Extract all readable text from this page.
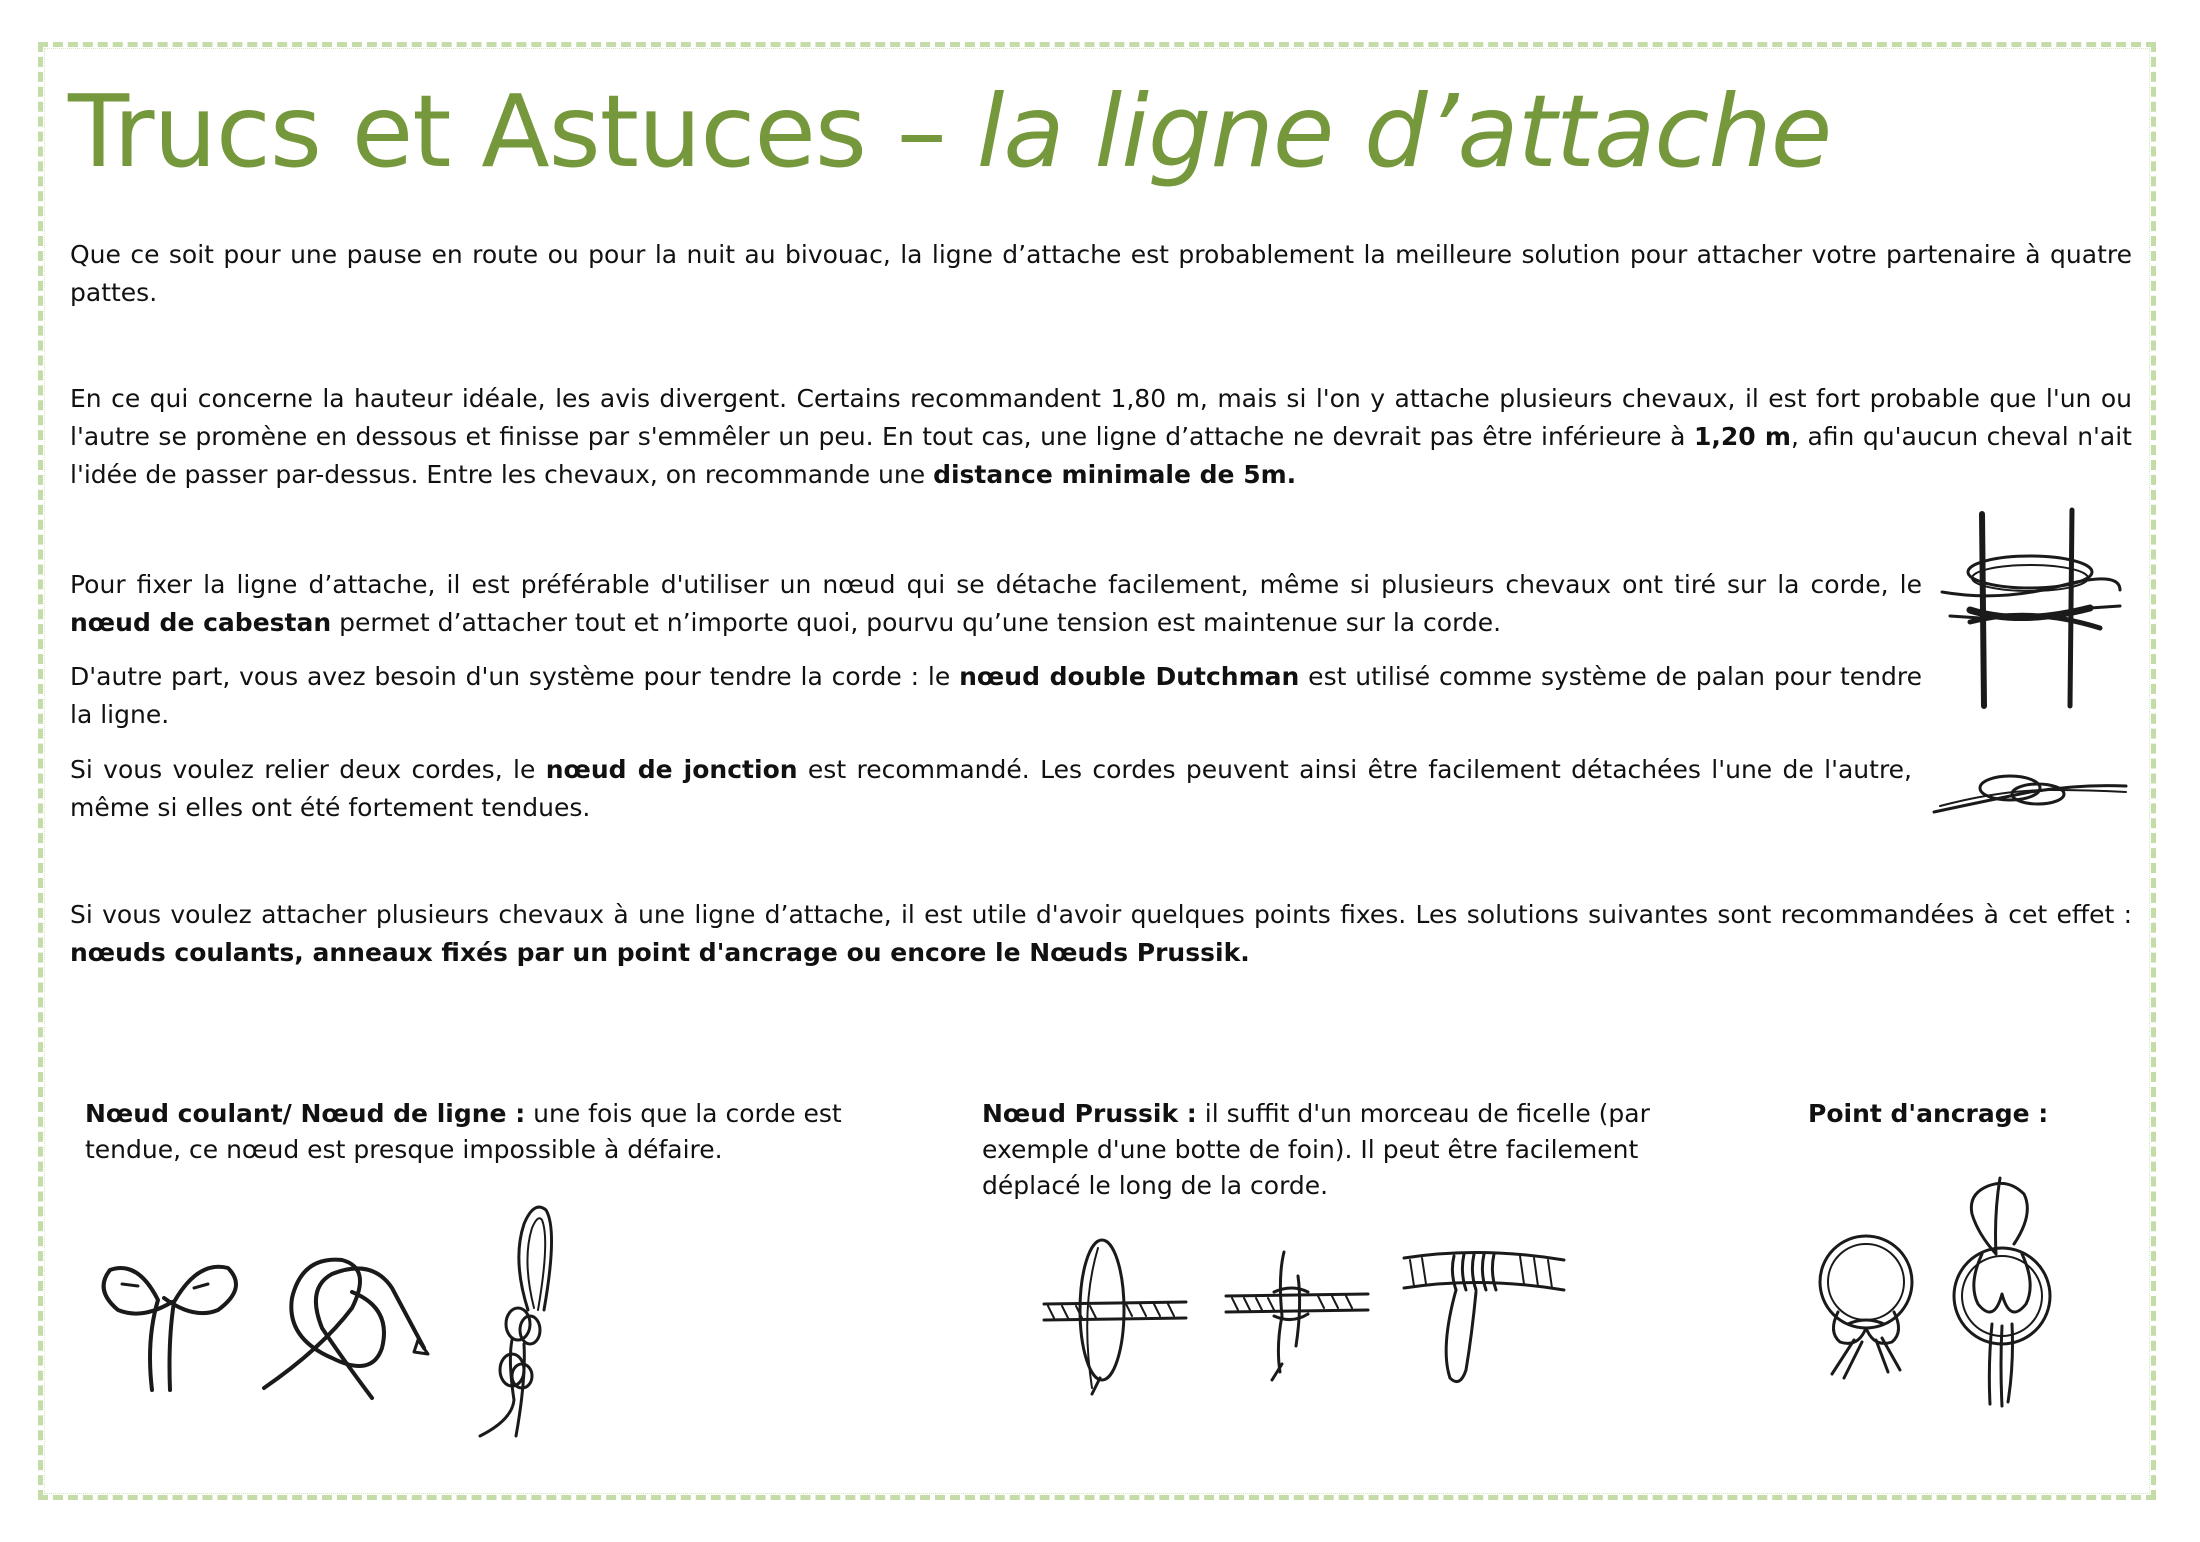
Trucs et Astuces – la ligne d’attache

Que ce soit pour une pause en route ou pour la nuit au bivouac, la ligne d’attache est probablement la meilleure solution pour attacher votre partenaire à quatre pattes.

En ce qui concerne la hauteur idéale, les avis divergent. Certains recommandent 1,80 m, mais si l'on y attache plusieurs chevaux, il est fort probable que l'un ou l'autre se promène en dessous et finisse par s'emmêler un peu. En tout cas, une ligne d’attache ne devrait pas être inférieure à 1,20 m, afin qu'aucun cheval n'ait l'idée de passer par-dessus. Entre les chevaux, on recommande une distance minimale de 5m.

Pour fixer la ligne d’attache, il est préférable d'utiliser un nœud qui se détache facilement, même si plusieurs chevaux ont tiré sur la corde, le nœud de cabestan permet d’attacher tout et n’importe quoi, pourvu qu’une tension est maintenue sur la corde.

D'autre part, vous avez besoin d'un système pour tendre la corde : le nœud double Dutchman est utilisé comme système de palan pour tendre la ligne.

Si vous voulez relier deux cordes, le nœud de jonction est recommandé. Les cordes peuvent ainsi être facilement détachées l'une de l'autre, même si elles ont été fortement tendues.

Si vous voulez attacher plusieurs chevaux à une ligne d’attache, il est utile d'avoir quelques points fixes. Les solutions suivantes sont recommandées à cet effet : nœuds coulants, anneaux fixés par un point d'ancrage ou encore le Nœuds Prussik.

Nœud coulant/ Nœud de ligne : une fois que la corde est tendue, ce nœud est presque impossible à défaire.

Nœud Prussik : il suffit d'un morceau de ficelle (par exemple d'une botte de foin). Il peut être facilement déplacé le long de la corde.

Point d'ancrage :
